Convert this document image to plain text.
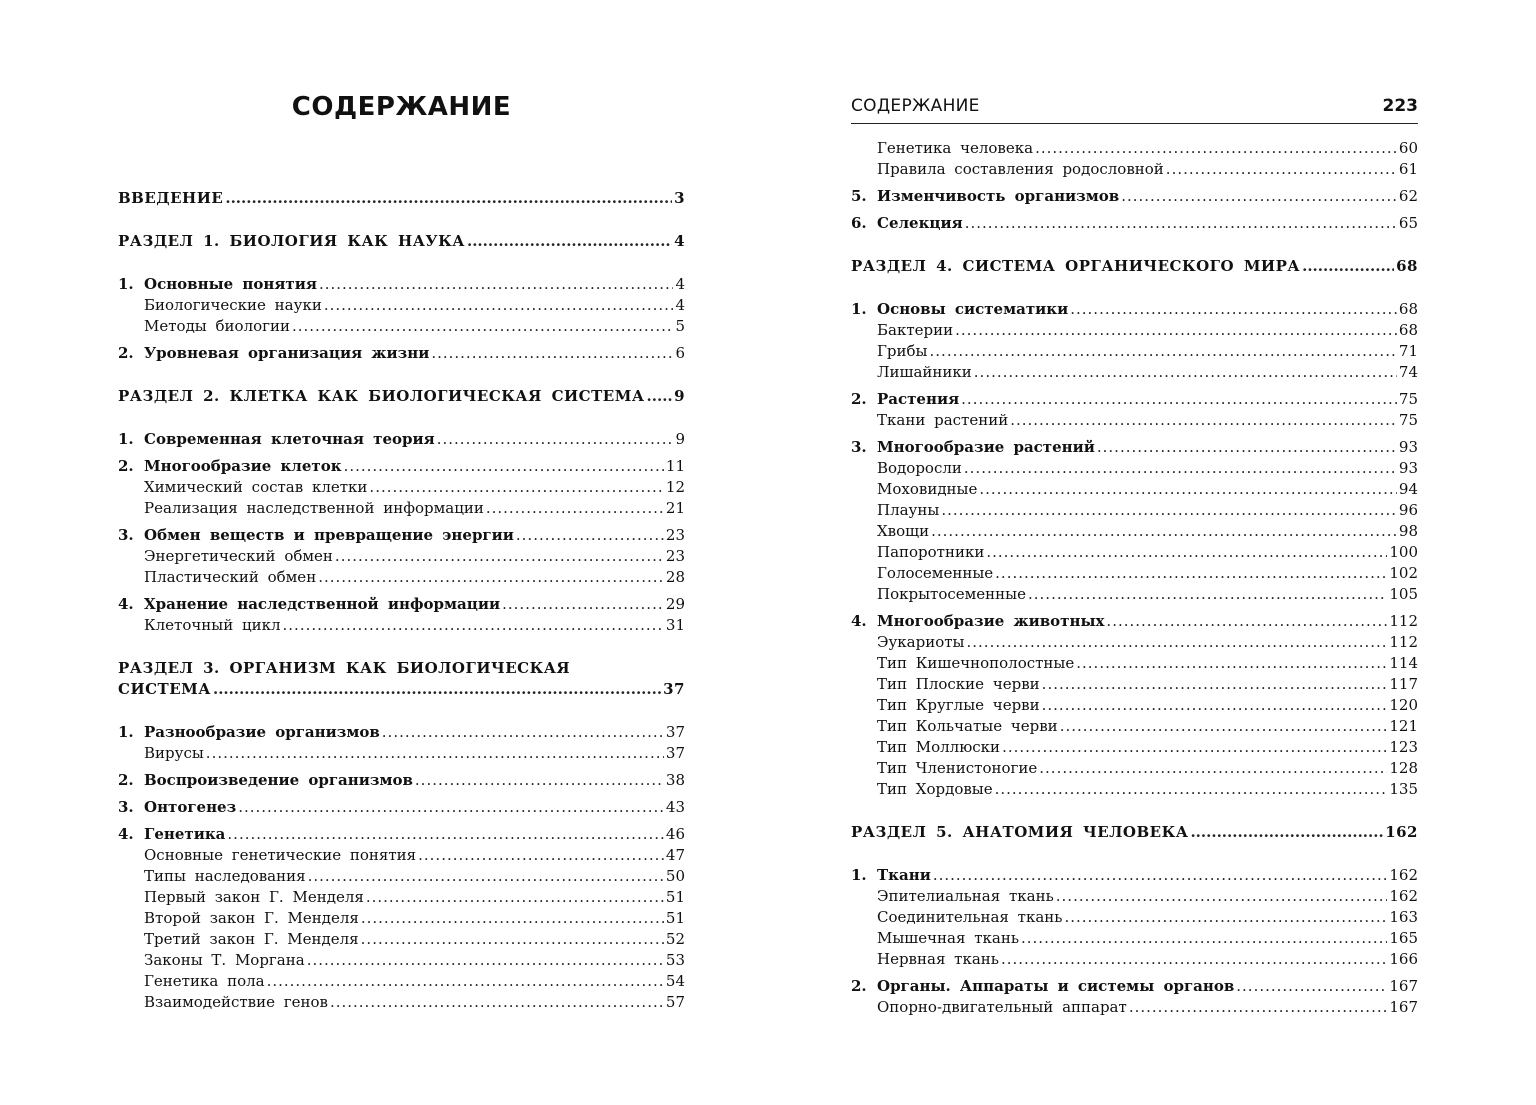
СОДЕРЖАНИЕ
ВВЕДЕНИЕ .....	3
РАЗДЕЛ 1. БИОЛОГИЯ КАК НАУКА .....	4
1. Основные понятия .....	4
Биологические науки .....	4
Методы биологии .....	5
2. Уровневая организация жизни .....	6
РАЗДЕЛ 2. КЛЕТКА КАК БИОЛОГИЧЕСКАЯ СИСТЕМА ..... 9
1. Современная клеточная теория .....	9
2. Многообразие клеток .....	11
Химический состав клетки .....	12
Реализация наследственной информации .....	21
3. Обмен веществ и превращение энергии .....	23
Энергетический обмен .....	23
Пластический обмен .....	28
4. Хранение наследственной информации .....	29
Клеточный цикл .....	31
РАЗДЕЛ 3. ОРГАНИЗМ КАК БИОЛОГИЧЕСКАЯ
СИСТЕМА .....	37
1. Разнообразие организмов .....	37
Вирусы .....	37
2. Воспроизведение организмов .....	38
3. Онтогенез .....	43
4. Генетика .....	46
Основные генетические понятия .....	47
Типы наследования .....	50
Первый закон Г. Менделя .....	51
Второй закон Г. Менделя .....	51
Третий закон Г. Менделя .....	52
Законы Т. Моргана .....	53
Генетика пола .....	54
Взаимодействие генов .....	57
СОДЕРЖАНИЕ	223
Генетика человека .....	60
Правила составления родословной .....	61
5. Изменчивость организмов .....	62
6. Селекция .....	65
РАЗДЕЛ 4. СИСТЕМА ОРГАНИЧЕСКОГО МИРА .....	68
1. Основы систематики .....	68
Бактерии .....	68
Грибы .....	71
Лишайники .....	74
2. Растения .....	75
Ткани растений .....	75
3. Многообразие растений .....	93
Водоросли .....	93
Моховидные .....	94
Плауны .....	96
Хвощи .....	98
Папоротники .....	100
Голосеменные .....	102
Покрытосеменные .....	105
4. Многообразие животных .....	112
Эукариоты .....	112
Тип Кишечнополостные .....	114
Тип Плоские черви .....	117
Тип Круглые черви .....	120
Тип Кольчатые черви .....	121
Тип Моллюски .....	123
Тип Членистоногие .....	128
Тип Хордовые .....	135
РАЗДЕЛ 5. АНАТОМИЯ ЧЕЛОВЕКА .....	162
1. Ткани .....	162
Эпителиальная ткань .....	162
Соединительная ткань .....	163
Мышечная ткань .....	165
Нервная ткань .....	166
2. Органы. Аппараты и системы органов .....	167
Опорно-двигательный аппарат .....	167
